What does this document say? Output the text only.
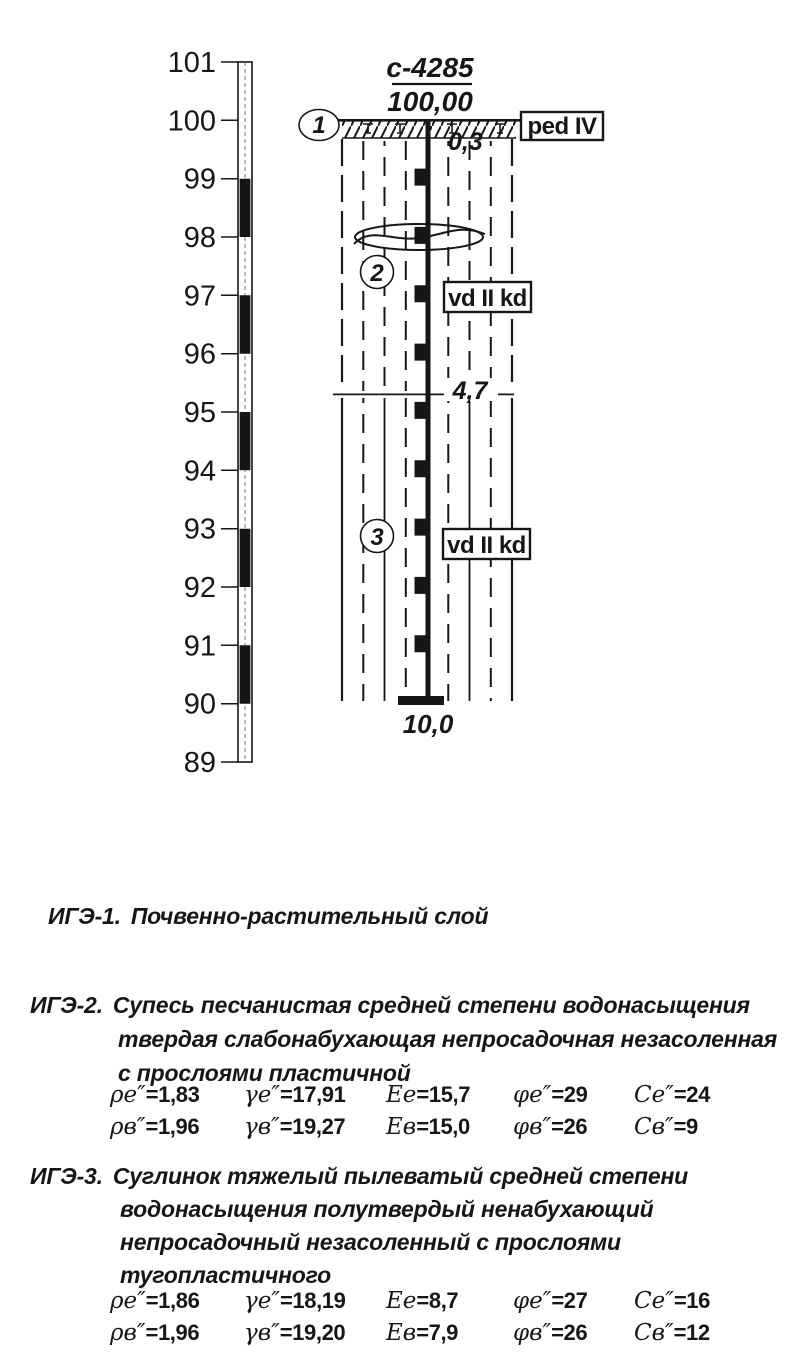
101
100
99
98
97
96
95
94
93
92
91
90
89
с-4285
100,00
4,7
10,0
0,3
1
2
3
ped IV
vd II kd
vd II kd
ИГЭ-1. Почвенно-растительный слой
ИГЭ-2. Супесь песчанистая средней степени водонасыщения
твердая слабонабухающая непросадочная незасоленная
с прослоями пластичной
ρе″=1,83	γе″=17,91	Ее=15,7	φе″=29	Се″=24
ρв″=1,96	γв″=19,27	Ев=15,0	φв″=26	Св″=9
ИГЭ-3. Суглинок тяжелый пылеватый средней степени
водонасыщения полутвердый ненабухающий
непросадочный незасоленный с прослоями
тугопластичного
ρе″=1,86	γе″=18,19	Ее=8,7	φе″=27	Се″=16
ρв″=1,96	γв″=19,20	Ев=7,9	φв″=26	Св″=12
